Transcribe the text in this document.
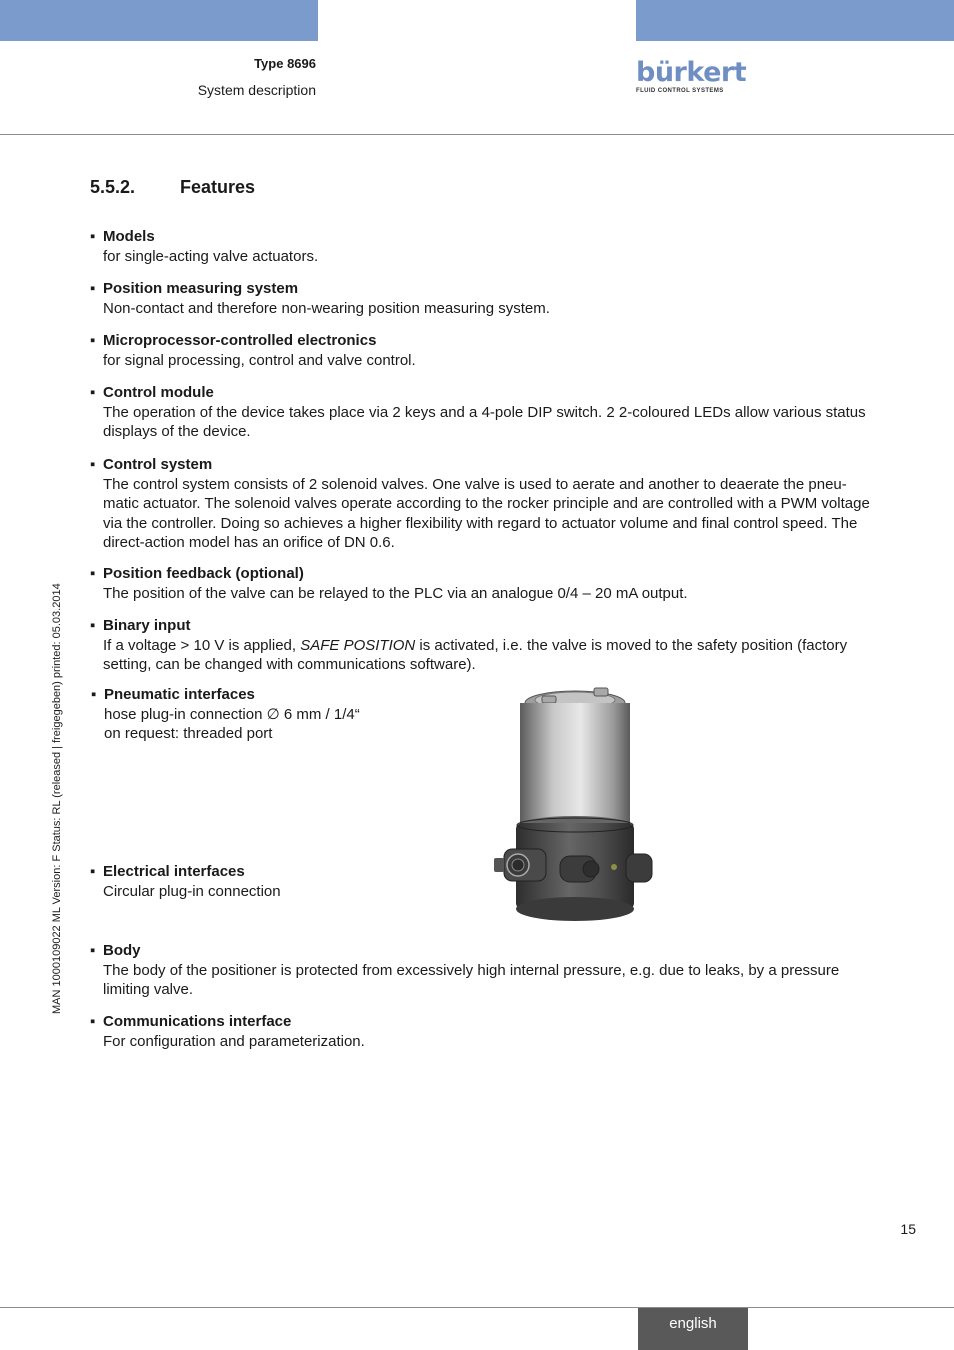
Type 8696
System description
bürkert
FLUID CONTROL SYSTEMS
5.5.2. Features
▪ Models
for single-acting valve actuators.
▪ Position measuring system
Non-contact and therefore non-wearing position measuring system.
▪ Microprocessor-controlled electronics
for signal processing, control and valve control.
▪ Control module
The operation of the device takes place via 2 keys and a 4-pole DIP switch. 2 2-coloured LEDs allow various status displays of the device.
▪ Control system
The control system consists of 2 solenoid valves. One valve is used to aerate and another to deaerate the pneu-matic actuator. The solenoid valves operate according to the rocker principle and are controlled with a PWM voltage via the controller. Doing so achieves a higher flexibility with regard to actuator volume and final control speed. The direct-action model has an orifice of DN 0.6.
▪ Position feedback (optional)
The position of the valve can be relayed to the PLC via an analogue 0/4 – 20 mA output.
▪ Binary input
If a voltage > 10 V is applied, SAFE POSITION is activated, i.e. the valve is moved to the safety position (factory setting, can be changed with communications software).
▪ Pneumatic interfaces
hose plug-in connection ∅ 6 mm / 1/4“
on request: threaded port
▪ Electrical interfaces
Circular plug-in connection
▪ Body
The body of the positioner is protected from excessively high internal pressure, e.g. due to leaks, by a pressure limiting valve.
▪ Communications interface
For configuration and parameterization.
MAN 1000109022 ML Version: F Status: RL (released | freigegeben) printed: 05.03.2014
15
english
